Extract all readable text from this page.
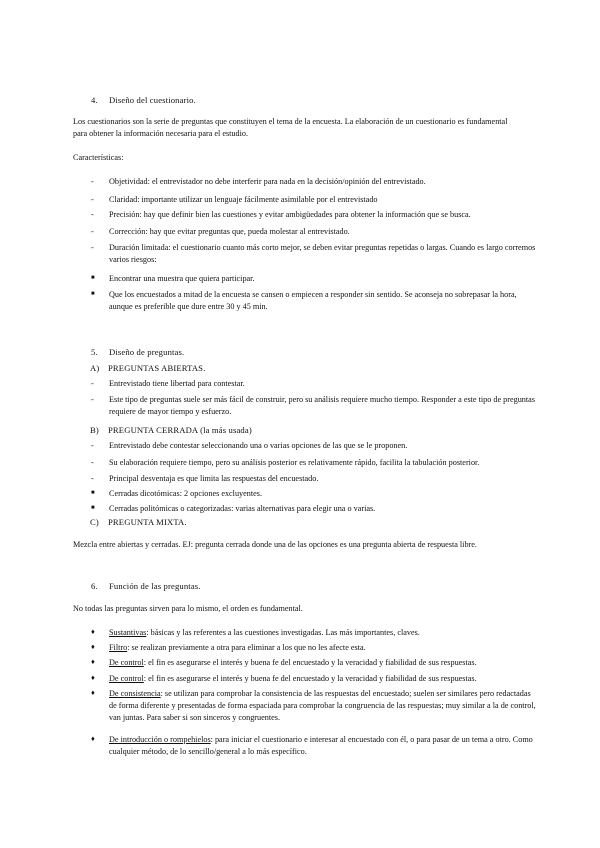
4. Diseño del cuestionario.
Los cuestionarios son la serie de preguntas que constituyen el tema de la encuesta. La elaboración de un cuestionario es fundamental para obtener la información necesaria para el estudio.
Características:
-	Objetividad: el entrevistador no debe interferir para nada en la decisión/opinión del entrevistado.
-	Claridad: importante utilizar un lenguaje fácilmente asimilable por el entrevistado
-	Precisión: hay que definir bien las cuestiones y evitar ambigüedades para obtener la información que se busca.
-	Corrección: hay que evitar preguntas que, pueda molestar al entrevistado.
-	Duración limitada: el cuestionario cuanto más corto mejor, se deben evitar preguntas repetidas o largas. Cuando es largo corremos varios riesgos:
■	Encontrar una muestra que quiera participar.
■	Que los encuestados a mitad de la encuesta se cansen o empiecen a responder sin sentido. Se aconseja no sobrepasar la hora, aunque es preferible que dure entre 30 y 45 min.
5. Diseño de preguntas.
A) PREGUNTAS ABIERTAS.
-	Entrevistado tiene libertad para contestar.
-	Este tipo de preguntas suele ser más fácil de construir, pero su análisis requiere mucho tiempo. Responder a este tipo de preguntas requiere de mayor tiempo y esfuerzo.
B) PREGUNTA CERRADA (la más usada)
-	Entrevistado debe contestar seleccionando una o varias opciones de las que se le proponen.
-	Su elaboración requiere tiempo, pero su análisis posterior es relativamente rápido, facilita la tabulación posterior.
-	Principal desventaja es que limita las respuestas del encuestado.
■	Cerradas dicotómicas: 2 opciones excluyentes.
■	Cerradas politómicas o categorizadas: varias alternativas para elegir una o varias.
C) PREGUNTA MIXTA.
Mezcla entre abiertas y cerradas. EJ: pregunta cerrada donde una de las opciones es una pregunta abierta de respuesta libre.
6. Función de las preguntas.
No todas las preguntas sirven para lo mismo, el orden es fundamental.
♦	Sustantivas: básicas y las referentes a las cuestiones investigadas. Las más importantes, claves.
♦	Filtro: se realizan previamente a otra para eliminar a los que no les afecte esta.
♦	De control: el fin es asegurarse el interés y buena fe del encuestado y la veracidad y fiabilidad de sus respuestas.
♦	De control: el fin es asegurarse el interés y buena fe del encuestado y la veracidad y fiabilidad de sus respuestas.
♦	De consistencia: se utilizan para comprobar la consistencia de las respuestas del encuestado; suelen ser similares pero redactadas de forma diferente y presentadas de forma espaciada para comprobar la congruencia de las respuestas; muy similar a la de control, van juntas. Para saber si son sinceros y congruentes.
♦	De introducción o rompehielos: para iniciar el cuestionario e interesar al encuestado con él, o para pasar de un tema a otro. Como cualquier método, de lo sencillo/general a lo más específico.
